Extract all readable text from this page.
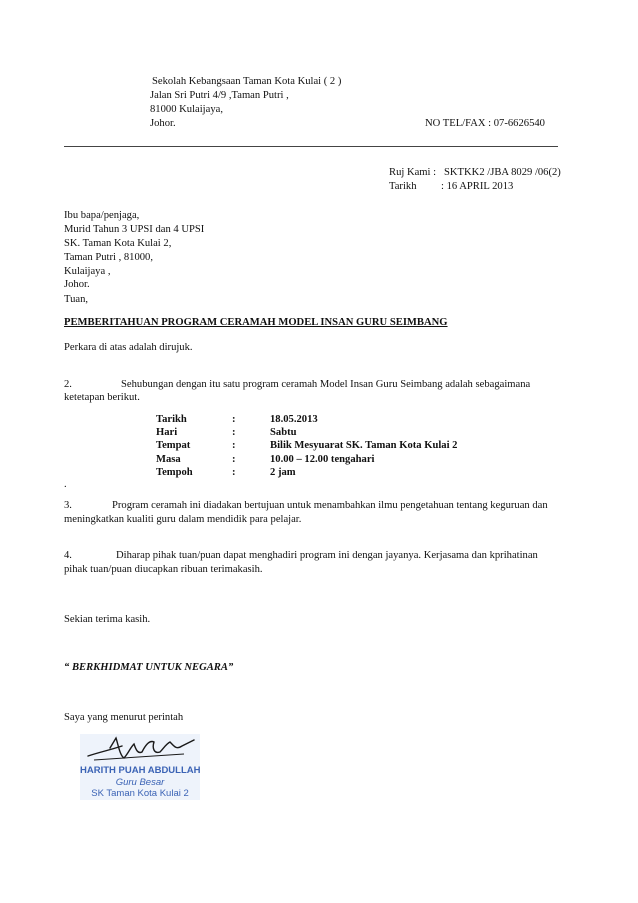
Sekolah Kebangsaan Taman Kota Kulai ( 2 )
Jalan Sri Putri 4/9 ,Taman Putri ,
81000 Kulaijaya,
Johor.	NO TEL/FAX : 07-6626540
Ruj Kami : SKTKK2 /JBA 8029 /06(2)
Tarikh : 16 APRIL 2013
Ibu bapa/penjaga,
Murid Tahun 3 UPSI dan 4 UPSI
SK. Taman Kota Kulai 2,
Taman Putri , 81000,
Kulaijaya ,
Johor.
Tuan,
PEMBERITAHUAN PROGRAM CERAMAH MODEL INSAN GURU SEIMBANG
Perkara di atas adalah dirujuk.
2.	Sehubungan dengan itu satu program ceramah Model Insan Guru Seimbang adalah sebagaimana
ketetapan berikut.
Tarikh	:	18.05.2013
Hari	:	Sabtu
Tempat	:	Bilik Mesyuarat SK. Taman Kota Kulai 2
Masa	:	10.00 – 12.00 tengahari
Tempoh	:	2 jam
.
3.	Program ceramah ini diadakan bertujuan untuk menambahkan ilmu pengetahuan tentang keguruan dan
meningkatkan kualiti guru dalam mendidik para pelajar.
4.	Diharap pihak tuan/puan dapat menghadiri program ini dengan jayanya. Kerjasama dan kprihatinan
pihak tuan/puan diucapkan ribuan terimakasih.
Sekian terima kasih.
“ BERKHIDMAT UNTUK NEGARA”
Saya yang menurut perintah
HARITH PUAH ABDULLAH
Guru Besar
SK Taman Kota Kulai 2
